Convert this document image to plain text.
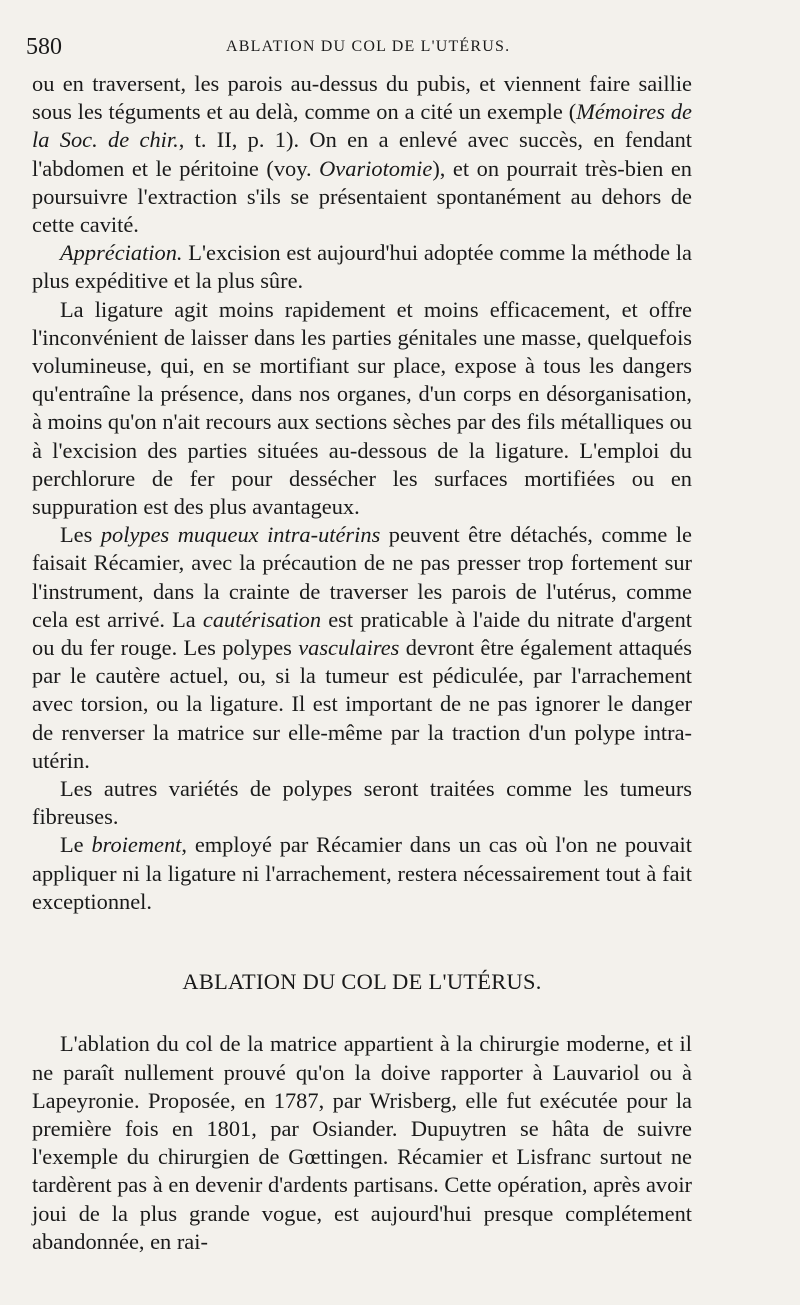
580	ABLATION DU COL DE L'UTÉRUS.

ou en traversent, les parois au-dessus du pubis, et viennent faire saillie sous les téguments et au delà, comme on a cité un exemple (Mémoires de la Soc. de chir., t. II, p. 1). On en a enlevé avec succès, en fendant l'abdomen et le péritoine (voy. Ovariotomie), et on pourrait très-bien en poursuivre l'extraction s'ils se présentaient spontanément au dehors de cette cavité.

Appréciation. L'excision est aujourd'hui adoptée comme la méthode la plus expéditive et la plus sûre.

La ligature agit moins rapidement et moins efficacement, et offre l'inconvénient de laisser dans les parties génitales une masse, quelquefois volumineuse, qui, en se mortifiant sur place, expose à tous les dangers qu'entraîne la présence, dans nos organes, d'un corps en désorganisation, à moins qu'on n'ait recours aux sections sèches par des fils métalliques ou à l'excision des parties situées au-dessous de la ligature. L'emploi du perchlorure de fer pour dessécher les surfaces mortifiées ou en suppuration est des plus avantageux.

Les polypes muqueux intra-utérins peuvent être détachés, comme le faisait Récamier, avec la précaution de ne pas presser trop fortement sur l'instrument, dans la crainte de traverser les parois de l'utérus, comme cela est arrivé. La cautérisation est praticable à l'aide du nitrate d'argent ou du fer rouge. Les polypes vasculaires devront être également attaqués par le cautère actuel, ou, si la tumeur est pédiculée, par l'arrachement avec torsion, ou la ligature. Il est important de ne pas ignorer le danger de renverser la matrice sur elle-même par la traction d'un polype intra-utérin.

Les autres variétés de polypes seront traitées comme les tumeurs fibreuses.

Le broiement, employé par Récamier dans un cas où l'on ne pouvait appliquer ni la ligature ni l'arrachement, restera nécessairement tout à fait exceptionnel.

ABLATION DU COL DE L'UTÉRUS.

L'ablation du col de la matrice appartient à la chirurgie moderne, et il ne paraît nullement prouvé qu'on la doive rapporter à Lauvariol ou à Lapeyronie. Proposée, en 1787, par Wrisberg, elle fut exécutée pour la première fois en 1801, par Osiander. Dupuytren se hâta de suivre l'exemple du chirurgien de Gœttingen. Récamier et Lisfranc surtout ne tardèrent pas à en devenir d'ardents partisans. Cette opération, après avoir joui de la plus grande vogue, est aujourd'hui presque complétement abandonnée, en rai-
